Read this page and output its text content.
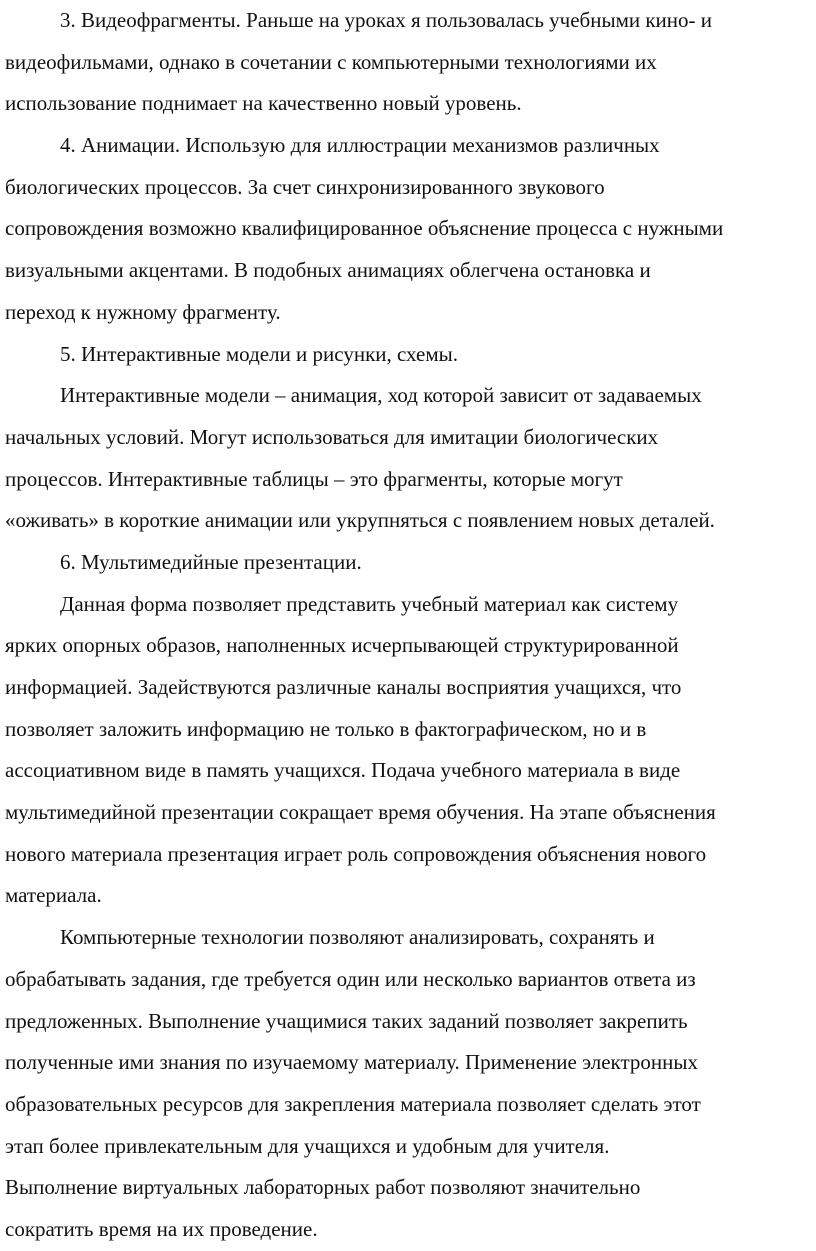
3. Видеофрагменты. Раньше на уроках я пользовалась учебными кино- и
видеофильмами, однако в сочетании с компьютерными технологиями их
использование поднимает на качественно новый уровень.
4. Анимации. Использую для иллюстрации механизмов различных
биологических процессов. За счет синхронизированного звукового
сопровождения возможно квалифицированное объяснение процесса с нужными
визуальными акцентами. В подобных анимациях облегчена остановка и
переход к нужному фрагменту.
5. Интерактивные модели и рисунки, схемы.
Интерактивные модели – анимация, ход которой зависит от задаваемых
начальных условий. Могут использоваться для имитации биологических
процессов. Интерактивные таблицы – это фрагменты, которые могут
«оживать» в короткие анимации или укрупняться с появлением новых деталей.
6. Мультимедийные презентации.
Данная форма позволяет представить учебный материал как систему
ярких опорных образов, наполненных исчерпывающей структурированной
информацией. Задействуются различные каналы восприятия учащихся, что
позволяет заложить информацию не только в фактографическом, но и в
ассоциативном виде в память учащихся. Подача учебного материала в виде
мультимедийной презентации сокращает время обучения. На этапе объяснения
нового материала презентация играет роль сопровождения объяснения нового
материала.
Компьютерные технологии позволяют анализировать, сохранять и
обрабатывать задания, где требуется один или несколько вариантов ответа из
предложенных. Выполнение учащимися таких заданий позволяет закрепить
полученные ими знания по изучаемому материалу. Применение электронных
образовательных ресурсов для закрепления материала позволяет сделать этот
этап более привлекательным для учащихся и удобным для учителя.
Выполнение виртуальных лабораторных работ позволяют значительно
сократить время на их проведение.
